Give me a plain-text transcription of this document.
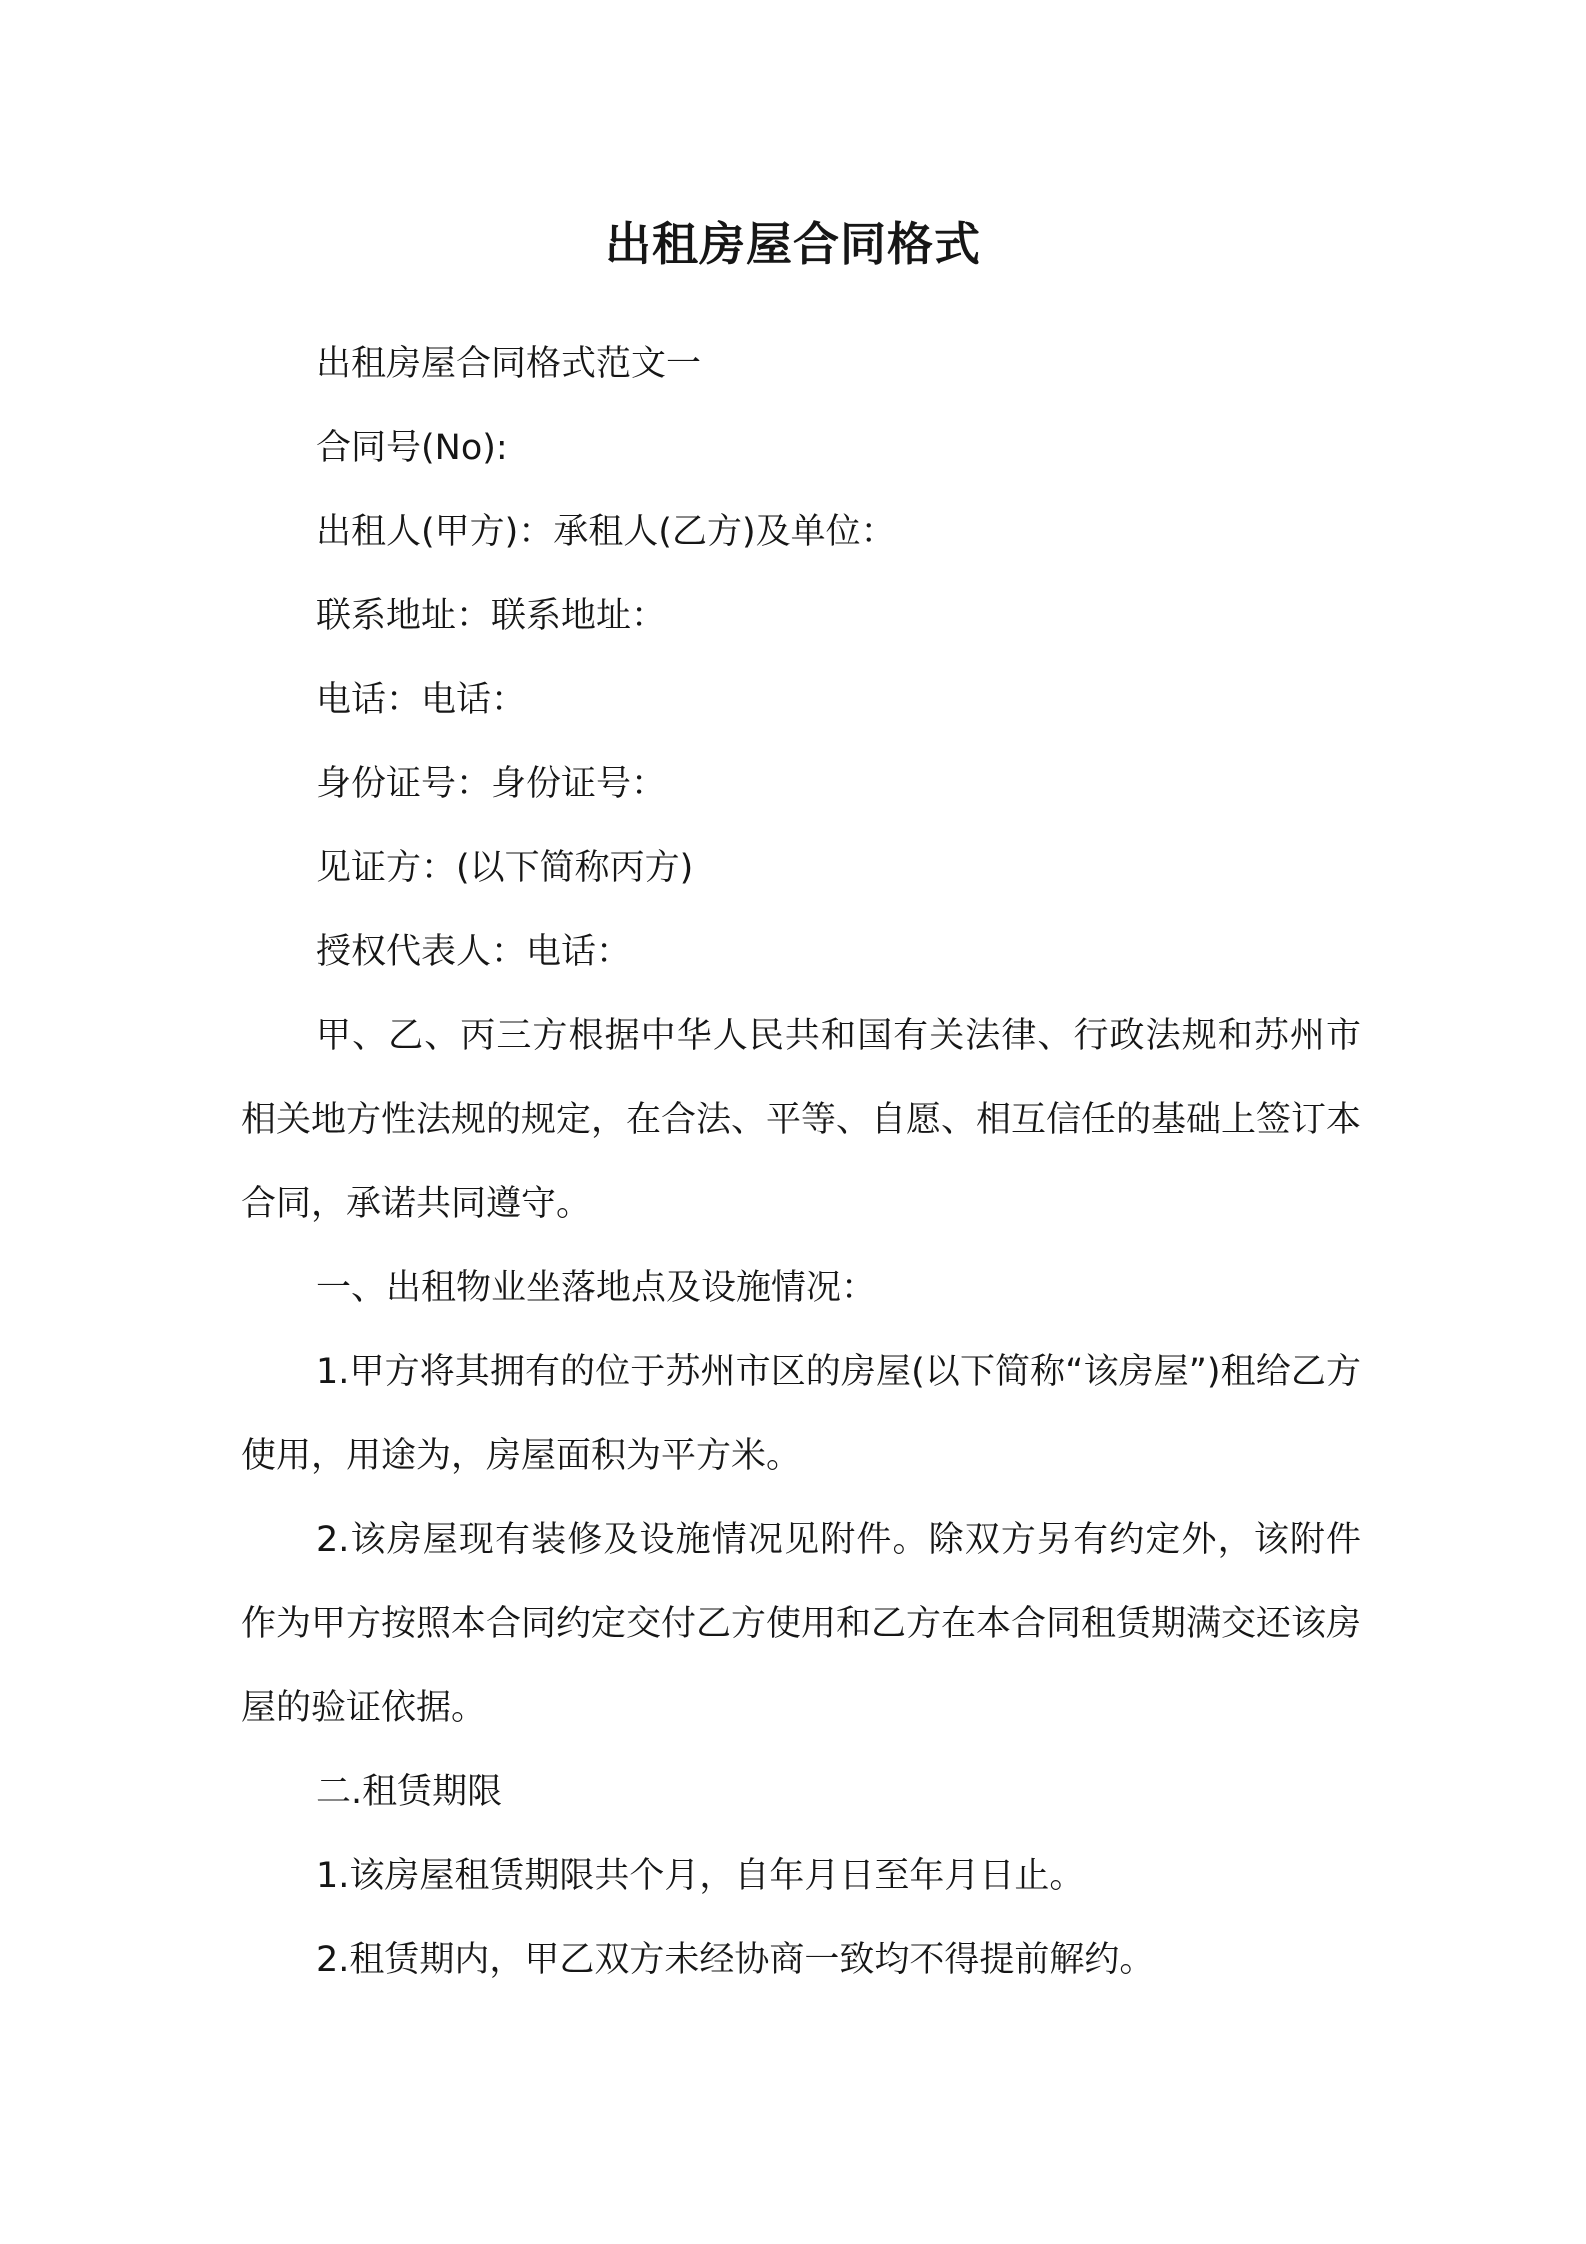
出租房屋合同格式

出租房屋合同格式范文一

合同号(No):

出租人(甲方)：承租人(乙方)及单位：

联系地址：联系地址：

电话：电话：

身份证号：身份证号：

见证方：(以下简称丙方)

授权代表人：电话：

甲、乙、丙三方根据中华人民共和国有关法律、行政法规和苏州市相关地方性法规的规定，在合法、平等、自愿、相互信任的基础上签订本合同，承诺共同遵守。

一、出租物业坐落地点及设施情况：

1.甲方将其拥有的位于苏州市区的房屋(以下简称“该房屋”)租给乙方使用，用途为，房屋面积为平方米。

2.该房屋现有装修及设施情况见附件。除双方另有约定外，该附件作为甲方按照本合同约定交付乙方使用和乙方在本合同租赁期满交还该房屋的验证依据。

二.租赁期限

1.该房屋租赁期限共个月，自年月日至年月日止。

2.租赁期内，甲乙双方未经协商一致均不得提前解约。
